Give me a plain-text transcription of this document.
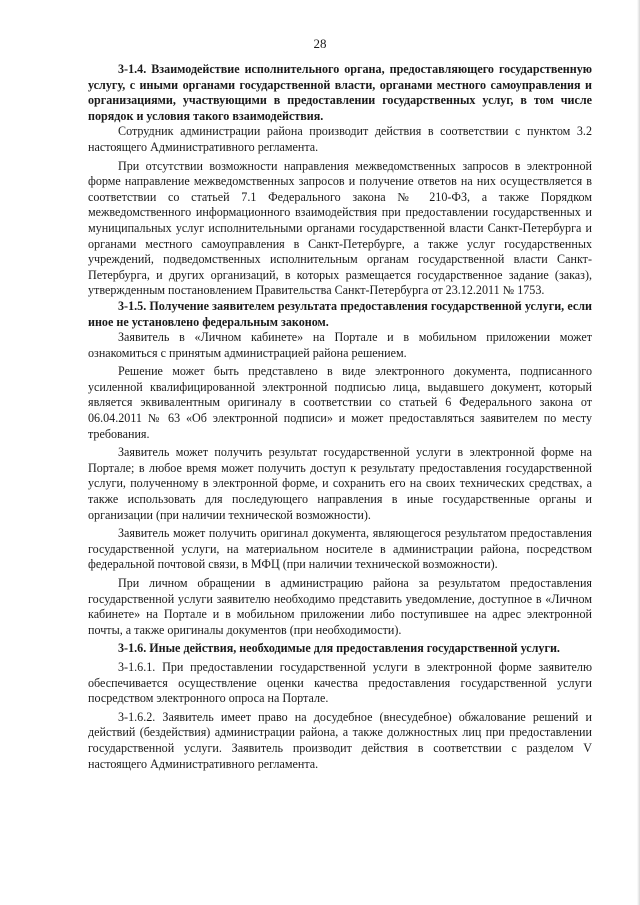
28

3-1.4. Взаимодействие исполнительного органа, предоставляющего государственную услугу, с иными органами государственной власти, органами местного самоуправления и организациями, участвующими в предоставлении государственных услуг, в том числе порядок и условия такого взаимодействия.

Сотрудник администрации района производит действия в соответствии с пунктом 3.2 настоящего Административного регламента.

При отсутствии возможности направления межведомственных запросов в электронной форме направление межведомственных запросов и получение ответов на них осуществляется в соответствии со статьей 7.1 Федерального закона № 210-ФЗ, а также Порядком межведомственного информационного взаимодействия при предоставлении государственных и муниципальных услуг исполнительными органами государственной власти Санкт-Петербурга и органами местного самоуправления в Санкт-Петербурге, а также услуг государственных учреждений, подведомственных исполнительным органам государственной власти Санкт-Петербурга, и других организаций, в которых размещается государственное задание (заказ), утвержденным постановлением Правительства Санкт-Петербурга от 23.12.2011 № 1753.

3-1.5. Получение заявителем результата предоставления государственной услуги, если иное не установлено федеральным законом.

Заявитель в «Личном кабинете» на Портале и в мобильном приложении может ознакомиться с принятым администрацией района решением.

Решение может быть представлено в виде электронного документа, подписанного усиленной квалифицированной электронной подписью лица, выдавшего документ, который является эквивалентным оригиналу в соответствии со статьей 6 Федерального закона от 06.04.2011 № 63 «Об электронной подписи» и может предоставляться заявителем по месту требования.

Заявитель может получить результат государственной услуги в электронной форме на Портале; в любое время может получить доступ к результату предоставления государственной услуги, полученному в электронной форме, и сохранить его на своих технических средствах, а также использовать для последующего направления в иные государственные органы и организации (при наличии технической возможности).

Заявитель может получить оригинал документа, являющегося результатом предоставления государственной услуги, на материальном носителе в администрации района, посредством федеральной почтовой связи, в МФЦ (при наличии технической возможности).

При личном обращении в администрацию района за результатом предоставления государственной услуги заявителю необходимо представить уведомление, доступное в «Личном кабинете» на Портале и в мобильном приложении либо поступившее на адрес электронной почты, а также оригиналы документов (при необходимости).

3-1.6. Иные действия, необходимые для предоставления государственной услуги.

3-1.6.1. При предоставлении государственной услуги в электронной форме заявителю обеспечивается осуществление оценки качества предоставления государственной услуги посредством электронного опроса на Портале.

3-1.6.2. Заявитель имеет право на досудебное (внесудебное) обжалование решений и действий (бездействия) администрации района, а также должностных лиц при предоставлении государственной услуги. Заявитель производит действия в соответствии с разделом V настоящего Административного регламента.
